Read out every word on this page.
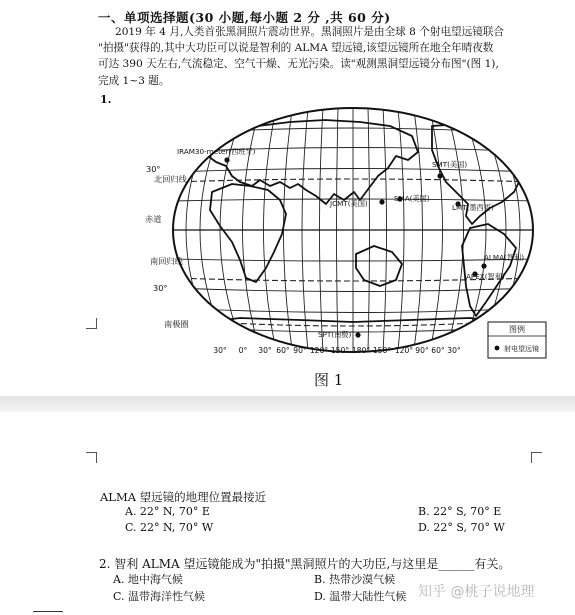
一、单项选择题(30 小题,每小题 2 分 ,共 60 分)

2019 年 4 月,人类首张黑洞照片震动世界。黑洞照片是由全球 8 个射电望远镜联合

"拍摄"获得的,其中大功臣可以说是智利的 ALMA 望远镜,该望远镜所在地全年晴夜数

可达 390 天左右,气流稳定、空气干燥、无光污染。读"观测黑洞望远镜分布图"(图 1),

完成 1~3 题。

1.
30°
北回归线
赤道
南回归线
30°
南极圈
30° 0° 30° 60° 90° 120° 150° 180° 150° 120° 90° 60° 30°
IRAM30-meter(西班牙)
SMT(美国)
JCMT(美国)
SMA(美国)
LMT(墨西哥)
ALMA(智利)
APEX(智利)
SPT(南极)
图例
射电望远镜
图 1
ALMA 望远镜的地理位置最接近
A. 22° N, 70° E	B. 22° S, 70° E
C. 22° N, 70° W	D. 22° S, 70° W
2. 智利 ALMA 望远镜能成为"拍摄"黑洞照片的大功臣,与这里是______有关。
A. 地中海气候	B. 热带沙漠气候
C. 温带海洋性气候	D. 温带大陆性气候 知乎 @桃子说地理
